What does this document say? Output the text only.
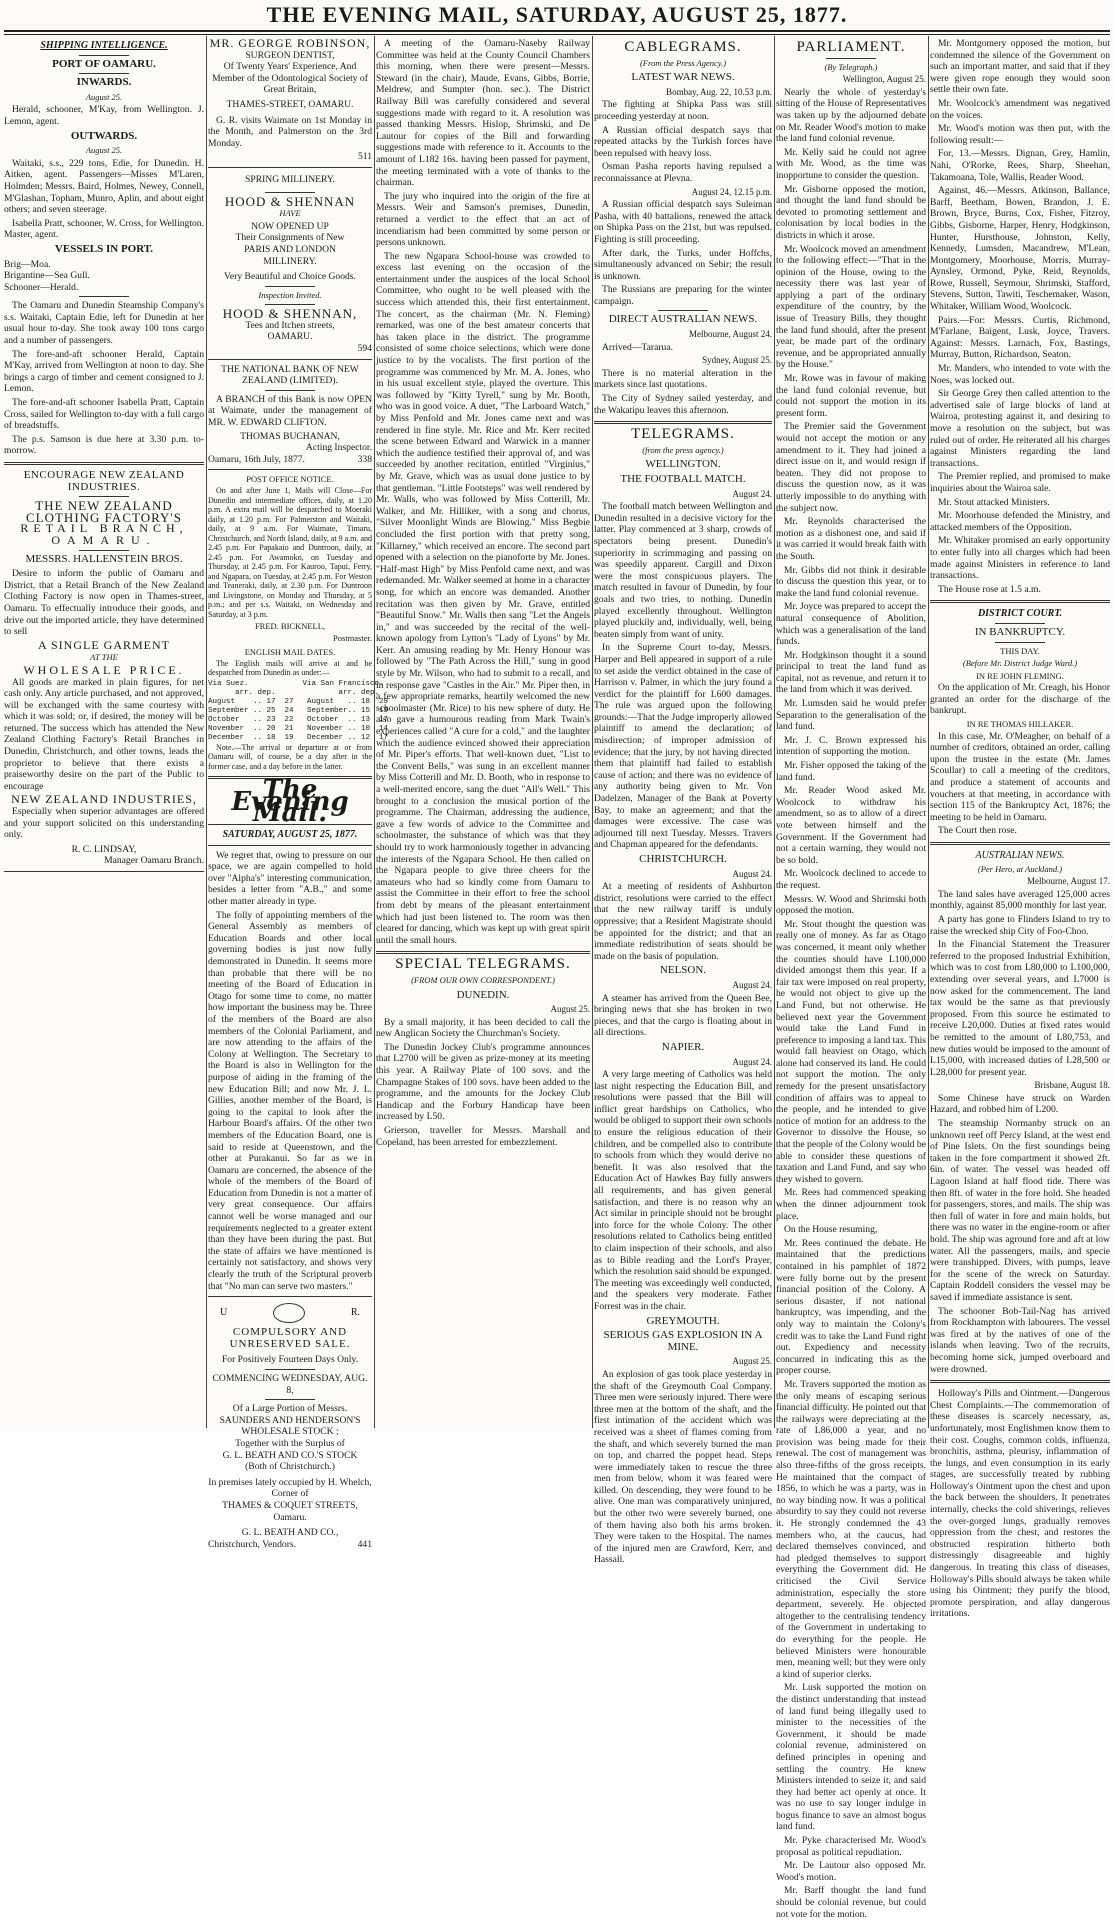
THE EVENING MAIL, SATURDAY, AUGUST 25, 1877.
SHIPPING INTELLIGENCE.
PORT OF OAMARU.
INWARDS.
August 25.

Herald, schooner, M'Kay, from Wellington. J. Lemon, agent.

OUTWARDS.
August 25.

Waitaki, s.s., 229 tons, Edie, for Dunedin. H. Aitken, agent. Passengers—Misses M'Laren, Holmden; Messrs. Baird, Holmes, Newey, Connell, M'Glashan, Topham, Munro, Aplin, and about eight others; and seven steerage.

Isabella Pratt, schooner, W. Cross, for Wellington. Master, agent.

VESSELS IN PORT.
Brig—Moa.
Brigantine—Sea Gull.
Schooner—Herald.

The Oamaru and Dunedin Steamship Company's s.s. Waitaki, Captain Edie, left for Dunedin at her usual hour to-day. She took away 100 tons cargo and a number of passengers.

The fore-and-aft schooner Herald, Captain M'Kay, arrived from Wellington at noon to day. She brings a cargo of timber and cement consigned to J. Lemon.

The fore-and-aft schooner Isabella Pratt, Captain Cross, sailed for Wellington to-day with a full cargo of breadstuffs.

The p.s. Samson is due here at 3.30 p.m. to-morrow.

ENCOURAGE NEW ZEALAND INDUSTRIES.
THE NEW ZEALAND CLOTHING FACTORY'S
RETAIL BRANCH,
OAMARU.
MESSRS. HALLENSTEIN BROS.

Desire to inform the public of Oamaru and District, that a Retail Branch of the New Zealand Clothing Factory is now open in Thames-street, Oamaru. To effectually introduce their goods, and drive out the imported article, they have determined to sell

A SINGLE GARMENT
AT THE
WHOLESALE PRICE.

All goods are marked in plain figures, for net cash only. Any article purchased, and not approved, will be exchanged with the same courtesy with which it was sold; or, if desired, the money will be returned. The success which has attended the New Zealand Clothing Factory's Retail Branches in Dunedin, Christchurch, and other towns, leads the proprietor to believe that there exists a praiseworthy desire on the part of the Public to encourage

NEW ZEALAND INDUSTRIES,

Especially when superior advantages are offered and your support solicited on this understanding only.

R. C. LINDSAY,
Manager Oamaru Branch.
MR. GEORGE ROBINSON,
SURGEON DENTIST,
Of Twenty Years' Experience, And Member of the Odontological Society of Great Britain,
THAMES-STREET, OAMARU.

G. R. visits Waimate on 1st Monday in the Month, and Palmerston on the 3rd Monday.

511
SPRING MILLINERY.
HOOD & SHENNAN
HAVE
NOW OPENED UP
Their Consignments of New
PARIS AND LONDON
MILLINERY.
Very Beautiful and Choice Goods.
Inspection Invited.
HOOD & SHENNAN,
Tees and Itchen streets,
OAMARU.
594
THE NATIONAL BANK OF NEW ZEALAND (LIMITED).

A BRANCH of this Bank is now OPEN at Waimate, under the management of MR. W. EDWARD CLIFTON.

THOMAS BUCHANAN,
Acting Inspector.
Oamaru, 16th July, 1877.	338
POST OFFICE NOTICE.

On and after June 1, Mails will Close—For Dunedin and intermediate offices, daily, at 1.20 p.m. A extra mail will be despatched to Moeraki daily, at 1.20 p.m. For Palmerston and Waitaki, daily, at 9 a.m. For Waimate, Timaru, Christchurch, and North Island, daily, at 9 a.m. and 2.45 p.m. For Papakaio and Duntroon, daily, at 2.45 p.m. For Awamoko, on Tuesday and Thursday, at 2.45 p.m. For Kauroo, Tapui, Ferry, and Ngapara, on Tuesday, at 2.45 p.m. For Weston and Teaneraki, daily, at 2.30 p.m. For Duntroon and Livingstone, on Monday and Thursday, at 5 p.m.; and per s.s. Waitaki, on Wednesday and Saturday, at 3 p.m.

FRED. BICKNELL,
Postmaster.
ENGLISH MAIL DATES.

The English mails will arrive at and be despatched from Dunedin as under:—

Via Suez.            Via San Francisco.
arr. dep.              arr. dep.
August    .. 17  27   August   .. 18  29
September .. 25  24   September.. 15  19
October   .. 23  22   October  .. 13  17
November  .. 20  21   November .. 10  14
December  .. 18  19   December .. 12  17

Note.—The arrival or departure at or from Oamaru will, of course, be a day after in the former case, and a day before in the latter.

The Evening Mail.
SATURDAY, AUGUST 25, 1877.

We regret that, owing to pressure on our space, we are again compelled to hold over "Alpha's" interesting communication, besides a letter from "A.B.," and some other matter already in type.

The folly of appointing members of the General Assembly as members of Education Boards and other local governing bodies is just now fully demonstrated in Dunedin. It seems more than probable that there will be no meeting of the Board of Education in Otago for some time to come, no matter how important the business may be. Three of the members of the Board are also members of the Colonial Parliament, and are now attending to the affairs of the Colony at Wellington. The Secretary to the Board is also in Wellington for the purpose of aiding in the framing of the new Education Bill; and now Mr. J. L. Gillies, another member of the Board, is going to the capital to look after the Harbour Board's affairs. Of the other two members of the Education Board, one is said to reside at Queenstown, and the other at Purakanui. So far as we in Oamaru are concerned, the absence of the whole of the members of the Board of Education from Dunedin is not a matter of very great consequence. Our affairs cannot well be worse managed and our requirements neglected to a greater extent than they have been during the past. But the state of affairs we have mentioned is certainly not satisfactory, and shows very clearly the truth of the Scriptural proverb that "No man can serve two masters."

U	R.
COMPULSORY AND UNRESERVED SALE.
For Positively Fourteen Days Only.
COMMENCING WEDNESDAY, AUG. 8,
Of a Large Portion of Messrs.
SAUNDERS AND HENDERSON'S
WHOLESALE STOCK ;
Together with the Surplus of
G. L. BEATH AND CO.'S STOCK
(Both of Christchurch.)
In premises lately occupied by H. Whelch, Corner of
THAMES & COQUET STREETS,
Oamaru.
G. L. BEATH AND CO.,
Christchurch, Vendors.	441

A meeting of the Oamaru-Naseby Railway Committee was held at the County Council Chambers this morning, when there were present—Messrs. Steward (in the chair), Maude, Evans, Gibbs, Borrie, Meldrew, and Sumpter (hon. sec.). The District Railway Bill was carefully considered and several suggestions made with regard to it. A resolution was passed thanking Messrs. Hislop, Shrimski, and De Lautour for copies of the Bill and forwarding suggestions made with reference to it. Accounts to the amount of L182 16s. having been passed for payment, the meeting terminated with a vote of thanks to the chairman.

The jury who inquired into the origin of the fire at Messrs. Weir and Samson's premises, Dunedin, returned a verdict to the effect that an act of incendiarism had been committed by some person or persons unknown.

The new Ngapara School-house was crowded to excess last evening on the occasion of the entertainment under the auspices of the local School Committee, who ought to be well pleased with the success which attended this, their first entertainment. The concert, as the chairman (Mr. N. Fleming) remarked, was one of the best amateur concerts that has taken place in the district. The programme consisted of some choice selections, which were done justice to by the vocalists. The first portion of the programme was commenced by Mr. M. A. Jones, who in his usual excellent style, played the overture. This was followed by "Kitty Tyrell," sung by Mr. Booth, who was in good voice. A duet, "The Larboard Watch," by Miss Penfold and Mr. Jones came next and was rendered in fine style. Mr. Rice and Mr. Kerr recited the scene between Edward and Warwick in a manner which the audience testified their approval of, and was succeeded by another recitation, entitled "Virginius," by Mr. Grave, which was as usual done justice to by that gentleman. "Little Footsteps" was well rendered by Mr. Walls, who was followed by Miss Cotterill, Mr. Walker, and Mr. Hilliker, with a song and chorus, "Silver Moonlight Winds are Blowing." Miss Begbie concluded the first portion with that pretty song, "Killarney," which received an encore. The second part opened with a selection on the pianoforte by Mr. Jones. "Half-mast High" by Miss Penfold came next, and was redemanded. Mr. Walker seemed at home in a character song, for which an encore was demanded. Another recitation was then given by Mr. Grave, entitled "Beautiful Snow." Mr. Walls then sang "Let the Angels in," and was succeeded by the recital of the well-known apology from Lytton's "Lady of Lyons" by Mr. Kerr. An amusing reading by Mr. Henry Honour was followed by "The Path Across the Hill," sung in good style by Mr. Wilson, who had to submit to a recall, and in response gave "Castles in the Air." Mr. Piper then, in a few appropriate remarks, heartily welcomed the new schoolmaster (Mr. Rice) to his new sphere of duty. He also gave a humourous reading from Mark Twain's experiences called "A cure for a cold," and the laughter which the audience evinced showed their appreciation of Mr. Piper's efforts. That well-known duet, "List to the Convent Bells," was sung in an excellent manner by Miss Cotterill and Mr. D. Booth, who in response to a well-merited encore, sang the duet "All's Well." This brought to a conclusion the musical portion of the programme. The Chairman, addressing the audience, gave a few words of advice to the Committee and schoolmaster, the substance of which was that they should try to work harmoniously together in advancing the interests of the Ngapara School. He then called on the Ngapara people to give three cheers for the amateurs who had so kindly come from Oamaru to assist the Committee in their effort to free the school from debt by means of the pleasant entertainment which had just been listened to. The room was then cleared for dancing, which was kept up with great spirit until the small hours.

SPECIAL TELEGRAMS.
(FROM OUR OWN CORRESPONDENT.)
DUNEDIN.
August 25.

By a small majority, it has been decided to call the new Anglican Society the Churchman's Society.

The Dunedin Jockey Club's programme announces that L2700 will be given as prize-money at its meeting this year. A Railway Plate of 100 sovs. and the Champagne Stakes of 100 sovs. have been added to the programme, and the amounts for the Jockey Club Handicap and the Forbury Handicap have been increased by L50.

Grierson, traveller for Messrs. Marshall and Copeland, has been arrested for embezzlement.

CABLEGRAMS.
(From the Press Agency.)
LATEST WAR NEWS.
Bombay, Aug. 22, 10.53 p.m.

The fighting at Shipka Pass was still proceeding yesterday at noon.

A Russian official despatch says that repeated attacks by the Turkish forces have been repulsed with heavy loss.

Osman Pasha reports having repulsed a reconnaissance at Plevna.

August 24, 12.15 p.m.

A Russian official despatch says Suleiman Pasha, with 40 battalions, renewed the attack on Shipka Pass on the 21st, but was repulsed. Fighting is still proceeding.

After dark, the Turks, under Hoffchs, simultaneously advanced on Sebir; the result is unknown.

The Russians are preparing for the winter campaign.

DIRECT AUSTRALIAN NEWS.
Melbourne, August 24.

Arrived—Tararua.

Sydney, August 25.

There is no material alteration in the markets since last quotations.

The City of Sydney sailed yesterday, and the Wakatipu leaves this afternoon.

TELEGRAMS.
(from the press agency.)
WELLINGTON.
THE FOOTBALL MATCH.
August 24.

The football match between Wellington and Dunedin resulted in a decisive victory for the latter. Play commenced at 3 sharp, crowds of spectators being present. Dunedin's superiority in scrimmaging and passing on was speedily apparent. Cargill and Dixon were the most conspicuous players. The match resulted in favour of Dunedin, by four goals and two tries, to nothing. Dunedin played excellently throughout. Wellington played pluckily and, individually, well, being beaten simply from want of unity.

In the Supreme Court to-day, Messrs. Harper and Bell appeared in support of a rule to set aside the verdict obtained in the case of Harrison v. Palmer, in which the jury found a verdict for the plaintiff for L600 damages. The rule was argued upon the following grounds:—That the Judge improperly allowed plaintiff to amend the declaration; of misdirection; of improper admission of evidence; that the jury, by not having directed them that plaintiff had failed to establish cause of action; and there was no evidence of any authority being given to Mr. Von Dadelzen, Manager of the Bank at Poverty Bay, to make an agreement; and that the damages were excessive. The case was adjourned till next Tuesday. Messrs. Travers and Chapman appeared for the defendants.

CHRISTCHURCH.
August 24.

At a meeting of residents of Ashburton district, resolutions were carried to the effect that the new railway tariff is unduly oppressive; that a Resident Magistrate should be appointed for the district; and that an immediate redistribution of seats should be made on the basis of population.

NELSON.
August 24.

A steamer has arrived from the Queen Bee, bringing news that she has broken in two pieces, and that the cargo is floating about in all directions.

NAPIER.
August 24.

A very large meeting of Catholics was held last night respecting the Education Bill, and resolutions were passed that the Bill will inflict great hardships on Catholics, who would be obliged to support their own schools to ensure the religious education of their children, and be compelled also to contribute to schools from which they would derive no benefit. It was also resolved that the Education Act of Hawkes Bay fully answers all requirements, and has given general satisfaction, and there is no reason why an Act similar in principle should not be brought into force for the whole Colony. The other resolutions related to Catholics being entitled to claim inspection of their schools, and also as to Bible reading and the Lord's Prayer, which the resolution said should be expunged. The meeting was exceedingly well conducted, and the speakers very moderate. Father Forrest was in the chair.

GREYMOUTH.
SERIOUS GAS EXPLOSION IN A MINE.
August 25.

An explosion of gas took place yesterday in the shaft of the Greymouth Coal Company. Three men were seriously injured. There were three men at the bottom of the shaft, and the first intimation of the accident which was received was a sheet of flames coming from the shaft, and which severely burned the man on top, and charred the poppet head. Steps were immediately taken to rescue the three men from below, whom it was feared were killed. On descending, they were found to be alive. One man was comparatively uninjured, but the other two were severely burned, one of them having also both his arms broken. They were taken to the Hospital. The names of the injured men are Crawford, Kerr, and Hassall.

PARLIAMENT.
(By Telegraph.)
Wellington, August 25.

Nearly the whole of yesterday's sitting of the House of Representatives was taken up by the adjourned debate on Mr. Reader Wood's motion to make the land fund colonial revenue.

Mr. Kelly said he could not agree with Mr. Wood, as the time was inopportune to consider the question.

Mr. Gisborne opposed the motion, and thought the land fund should be devoted to promoting settlement and colonisation by local bodies in the districts in which it arose.

Mr. Woolcock moved an amendment to the following effect:—"That in the opinion of the House, owing to the necessity there was last year of applying a part of the ordinary expenditure of the country, by the issue of Treasury Bills, they thought the land fund should, after the present year, be made part of the ordinary revenue, and be appropriated annually by the House."

Mr. Rowe was in favour of making the land fund colonial revenue, but could not support the motion in its present form.

The Premier said the Government would not accept the motion or any amendment to it. They had joined a direct issue on it, and would resign if beaten. They did not propose to discuss the question now, as it was utterly impossible to do anything with the subject now.

Mr. Reynolds characterised the motion as a dishonest one, and said if it was carried it would break faith with the South.

Mr. Gibbs did not think it desirable to discuss the question this year, or to make the land fund colonial revenue.

Mr. Joyce was prepared to accept the natural consequence of Abolition, which was a generalisation of the land funds.

Mr. Hodgkinson thought it a sound principal to treat the land fund as capital, not as revenue, and return it to the land from which it was derived.

Mr. Lumsden said he would prefer Separation to the generalisation of the land fund.

Mr. J. C. Brown expressed his intention of supporting the motion.

Mr. Fisher opposed the taking of the land fund.

Mr. Reader Wood asked Mr. Woolcock to withdraw his amendment, so as to allow of a direct vote between himself and the Government. If the Government had not a certain warning, they would not be so bold.

Mr. Woolcock declined to accede to the request.

Messrs. W. Wood and Shrimski both opposed the motion.

Mr. Stout thought the question was really one of money. As far as Otago was concerned, it meant only whether the counties should have L100,000 divided amongst them this year. If a fair tax were imposed on real property, he would not object to give up the Land Fund, but not otherwise. He believed next year the Government would take the Land Fund in preference to imposing a land tax. This would fall heaviest on Otago, which alone had conserved its land. He could not support the motion. The only remedy for the present unsatisfactory condition of affairs was to appeal to the people, and he intended to give notice of motion for an address to the Governor to dissolve the House, so that the people of the Colony would be able to consider these questions of taxation and Land Fund, and say who they wished to govern.

Mr. Rees had commenced speaking when the dinner adjournment took place.

On the House resuming,

Mr. Rees continued the debate. He maintained that the predictions contained in his pamphlet of 1872 were fully borne out by the present financial position of the Colony. A serious disaster, if not national bankruptcy, was impending, and the only way to maintain the Colony's credit was to take the Land Fund right out. Expediency and necessity concurred in indicating this as the proper course.

Mr. Travers supported the motion as the only means of escaping serious financial difficulty. He pointed out that the railways were depreciating at the rate of L86,000 a year, and no provision was being made for their renewal. The cost of management was also three-fifths of the gross receipts. He maintained that the compact of 1856, to which he was a party, was in no way binding now. It was a political absurdity to say they could not reverse it. He strongly condemned the 43 members who, at the caucus, had declared themselves convinced, and had pledged themselves to support everything the Government did. He criticised the Civil Service administration, especially the store department, severely. He objected altogether to the centralising tendency of the Government in undertaking to do everything for the people. He believed Ministers were honourable men, meaning well; but they were only a kind of superior clerks.

Mr. Lusk supported the motion on the distinct understanding that instead of land fund being illegally used to minister to the necessities of the Government, it should be made colonial revenue, administered on defined principles in opening and settling the country. He knew Ministers intended to seize it, and said they had better act openly at once. It was no use to say longer indulge in bogus finance to save an almost bogus land fund.

Mr. Pyke characterised Mr. Wood's proposal as political repudiation.

Mr. De Lautour also opposed Mr. Wood's motion.

Mr. Barff thought the land fund should be colonial revenue, but could not vote for the motion.

Mr. Montgomery opposed the motion, but condemned the silence of the Government on such an important matter, and said that if they were given rope enough they would soon settle their own fate.

Mr. Woolcock's amendment was negatived on the voices.

Mr. Wood's motion was then put, with the following result:—

For, 13.—Messrs. Dignan, Grey, Hamlin, Nahi, O'Rorke, Rees, Sharp, Sheehan, Takamoana, Tole, Wallis, Reader Wood.

Against, 46.—Messrs. Atkinson, Ballance, Barff, Beetham, Bowen, Brandon, J. E. Brown, Bryce, Burns, Cox, Fisher, Fitzroy, Gibbs, Gisborne, Harper, Henry, Hodgkinson, Hunter, Hursthouse, Johnston, Kelly, Kennedy, Lumsden, Macandrew, M'Lean, Montgomery, Moorhouse, Morris, Murray-Aynsley, Ormond, Pyke, Reid, Reynolds, Rowe, Russell, Seymour, Shrimski, Stafford, Stevens, Sutton, Tawiti, Teschemaker, Wason, Whitaker, William Wood, Woolcock.

Pairs.—For: Messrs. Curtis, Richmond, M'Farlane, Baigent, Lusk, Joyce, Travers. Against: Messrs. Larnach, Fox, Bastings, Murray, Button, Richardson, Seaton.

Mr. Manders, who intended to vote with the Noes, was locked out.

Sir George Grey then called attention to the advertised sale of large blocks of land at Wairoa, protesting against it, and desiring to move a resolution on the subject, but was ruled out of order. He reiterated all his charges against Ministers regarding the land transactions.

The Premier replied, and promised to make inquiries about the Wairoa sale.

Mr. Stout attacked Ministers.

Mr. Moorhouse defended the Ministry, and attacked members of the Opposition.

Mr. Whitaker promised an early opportunity to enter fully into all charges which had been made against Ministers in reference to land transactions.

The House rose at 1.5 a.m.

DISTRICT COURT.
IN BANKRUPTCY.
THIS DAY.
(Before Mr. District Judge Ward.)
IN RE JOHN FLEMING.

On the application of Mr. Creagh, his Honor granted an order for the discharge of the bankrupt.

IN RE THOMAS HILLAKER.

In this case, Mr. O'Meagher, on behalf of a number of creditors, obtained an order, calling upon the trustee in the estate (Mr. James Scoullar) to call a meeting of the creditors, and produce a statement of accounts and vouchers at that meeting, in accordance with section 115 of the Bankruptcy Act, 1876; the meeting to be held in Oamaru.

The Court then rose.

AUSTRALIAN NEWS.
(Per Hero, at Auckland.)
Melbourne, August 17.

The land sales have averaged 125,000 acres monthly, against 85,000 monthly for last year.

A party has gone to Flinders Island to try to raise the wrecked ship City of Foo-Choo.

In the Financial Statement the Treasurer referred to the proposed Industrial Exhibition, which was to cost from L80,000 to L100,000, extending over several years, and L7000 is now asked for the commencement. The land tax would be the same as that previously proposed. From this source he estimated to receive L20,000. Duties at fixed rates would be remitted to the amount of L80,753, and new duties would be imposed to the amount of L15,000, with increased duties of L28,500 or L28,000 for present year.

Brisbane, August 18.

Some Chinese have struck on Warden Hazard, and robbed him of L200.

The steamship Normanby struck on an unknown reef off Percy Island, at the west end of Pine Islets. On the first soundings being taken in the fore compartment it showed 2ft. 6in. of water. The vessel was headed off Lagoon Island at half flood tide. There was then 8ft. of water in the fore hold. She headed for passengers, stores, and mails. The ship was then full of water in fore and main holds, but there was no water in the engine-room or after hold. The ship was aground fore and aft at low water. All the passengers, mails, and specie were transhipped. Divers, with pumps, leave for the scene of the wreck on Saturday. Captain Roddell considers the vessel may be saved if immediate assistance is sent.

The schooner Bob-Tail-Nag has arrived from Rockhampton with labourers. The vessel was fired at by the natives of one of the islands when leaving. Two of the recruits, becoming home sick, jumped overboard and were drowned.

Holloway's Pills and Ointment.—Dangerous Chest Complaints.—The commemoration of these diseases is scarcely necessary, as, unfortunately, most Englishmen know them to their cost. Coughs, common colds, influenza, bronchitis, asthma, pleurisy, inflammation of the lungs, and even consumption in its early stages, are successfully treated by rubbing Holloway's Ointment upon the chest and upon the back between the shoulders. It penetrates internally, checks the cold shiverings, relieves the over-gorged lungs, gradually removes oppression from the chest, and restores the obstructed respiration hitherto both distressingly disagreeable and highly dangerous. In treating this class of diseases, Holloway's Pills should always be taken while using his Ointment; they purify the blood, promote perspiration, and allay dangerous irritations.
